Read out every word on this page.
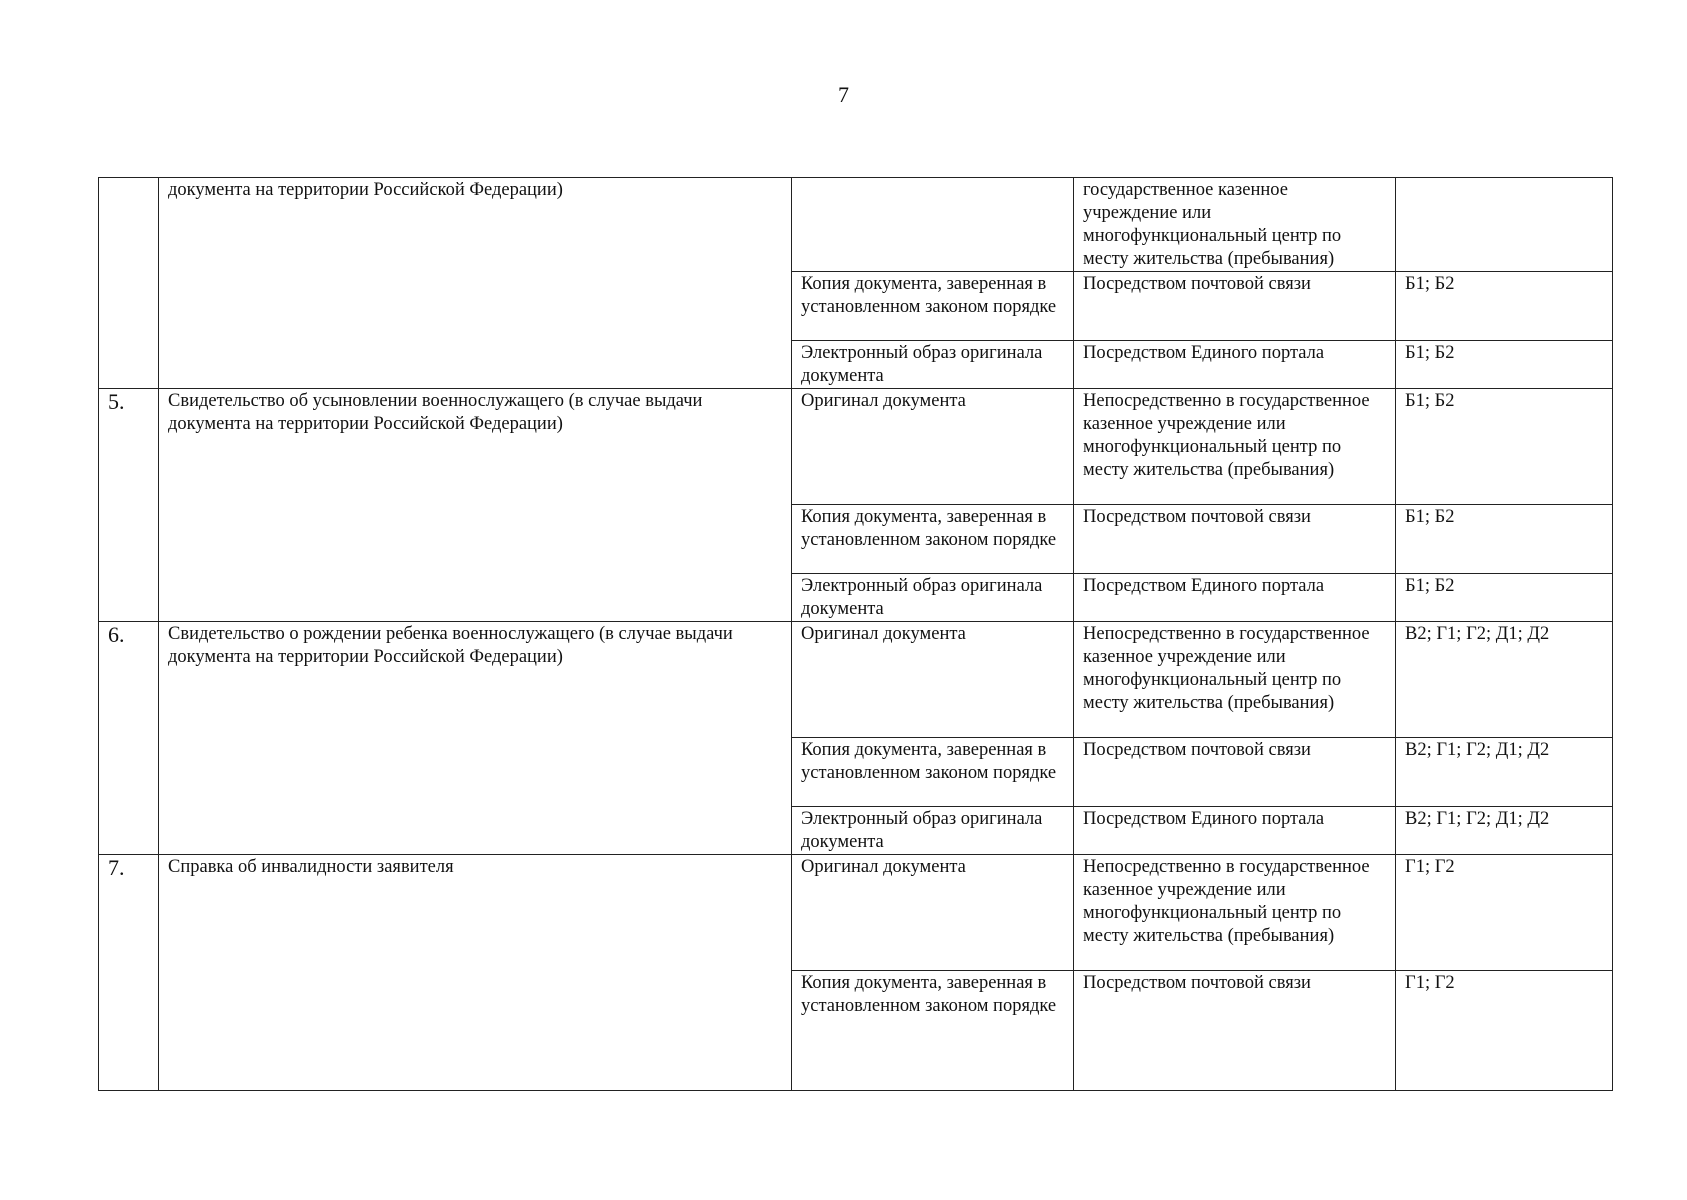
7
	документа на территории Российской Федерации)		государственное казенное учреждение или многофункциональный центр по месту жительства (пребывания)	
		Копия документа, заверенная в установленном законом порядке	Посредством почтовой связи	Б1; Б2
		Электронный образ оригинала документа	Посредством Единого портала	Б1; Б2
5.	Свидетельство об усыновлении военнослужащего (в случае выдачи документа на территории Российской Федерации)	Оригинал документа	Непосредственно в государственное казенное учреждение или многофункциональный центр по месту жительства (пребывания)	Б1; Б2
		Копия документа, заверенная в установленном законом порядке	Посредством почтовой связи	Б1; Б2
		Электронный образ оригинала документа	Посредством Единого портала	Б1; Б2
6.	Свидетельство о рождении ребенка военнослужащего (в случае выдачи документа на территории Российской Федерации)	Оригинал документа	Непосредственно в государственное казенное учреждение или многофункциональный центр по месту жительства (пребывания)	В2; Г1; Г2; Д1; Д2
		Копия документа, заверенная в установленном законом порядке	Посредством почтовой связи	В2; Г1; Г2; Д1; Д2
		Электронный образ оригинала документа	Посредством Единого портала	В2; Г1; Г2; Д1; Д2
7.	Справка об инвалидности заявителя	Оригинал документа	Непосредственно в государственное казенное учреждение или многофункциональный центр по месту жительства (пребывания)	Г1; Г2
		Копия документа, заверенная в установленном законом порядке	Посредством почтовой связи	Г1; Г2
